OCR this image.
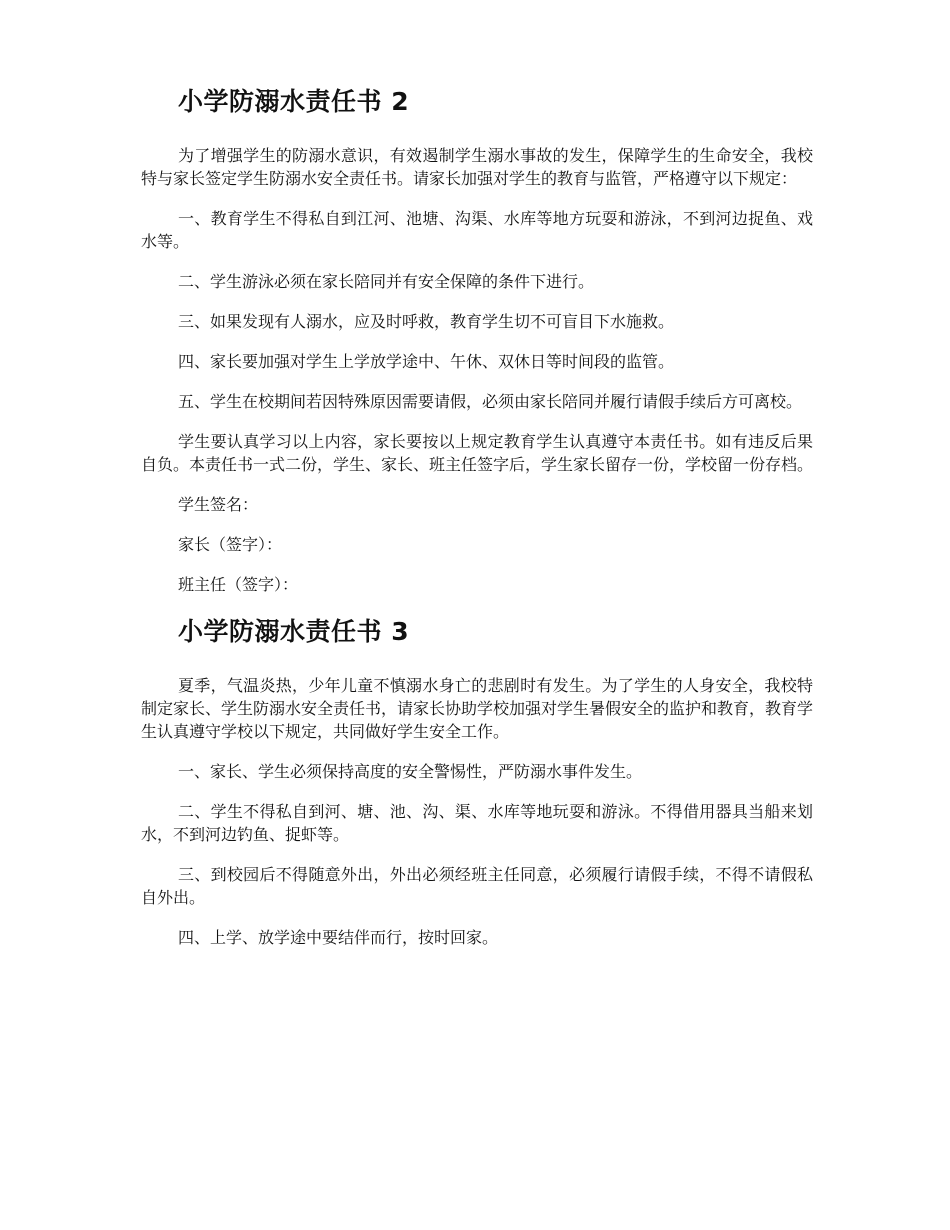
小学防溺水责任书 2

为了增强学生的防溺水意识，有效遏制学生溺水事故的发生，保障学生的生命安全，我校特与家长签定学生防溺水安全责任书。请家长加强对学生的教育与监管，严格遵守以下规定：

一、教育学生不得私自到江河、池塘、沟渠、水库等地方玩耍和游泳，不到河边捉鱼、戏水等。

二、学生游泳必须在家长陪同并有安全保障的条件下进行。

三、如果发现有人溺水，应及时呼救，教育学生切不可盲目下水施救。

四、家长要加强对学生上学放学途中、午休、双休日等时间段的监管。

五、学生在校期间若因特殊原因需要请假，必须由家长陪同并履行请假手续后方可离校。

学生要认真学习以上内容，家长要按以上规定教育学生认真遵守本责任书。如有违反后果自负。本责任书一式二份，学生、家长、班主任签字后，学生家长留存一份，学校留一份存档。

学生签名：

家长（签字）：

班主任（签字）：

小学防溺水责任书 3

夏季，气温炎热，少年儿童不慎溺水身亡的悲剧时有发生。为了学生的人身安全，我校特制定家长、学生防溺水安全责任书，请家长协助学校加强对学生暑假安全的监护和教育，教育学生认真遵守学校以下规定，共同做好学生安全工作。

一、家长、学生必须保持高度的安全警惕性，严防溺水事件发生。

二、学生不得私自到河、塘、池、沟、渠、水库等地玩耍和游泳。不得借用器具当船来划水，不到河边钓鱼、捉虾等。

三、到校园后不得随意外出，外出必须经班主任同意，必须履行请假手续，不得不请假私自外出。

四、上学、放学途中要结伴而行，按时回家。
